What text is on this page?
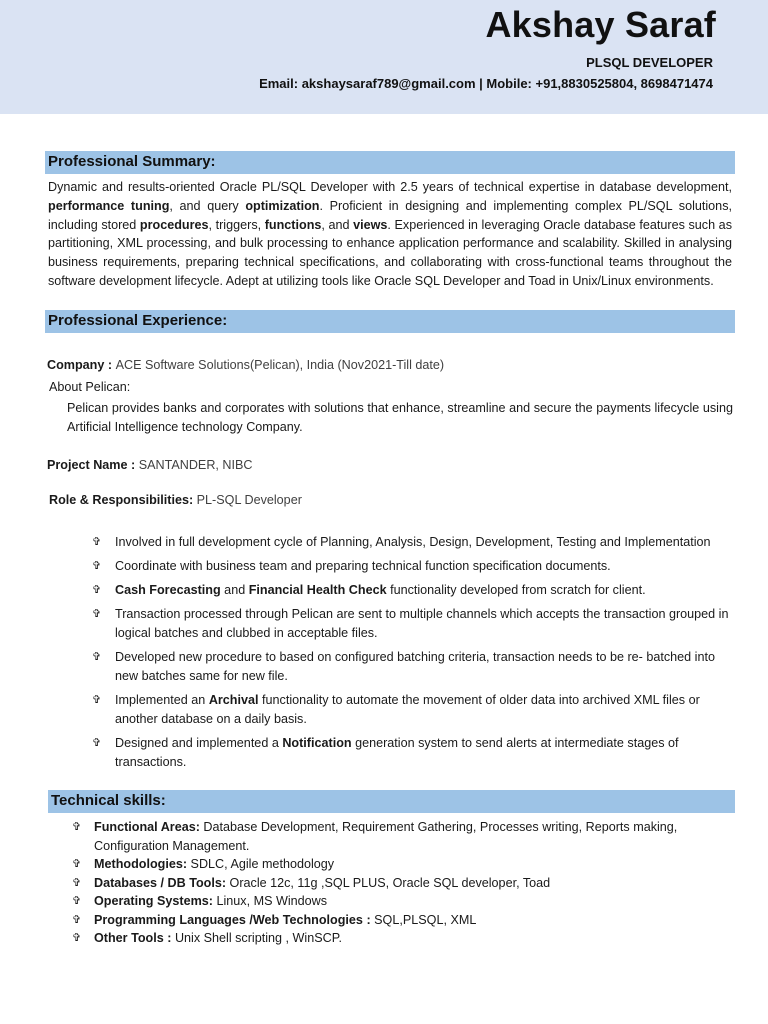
Akshay Saraf
PLSQL DEVELOPER
Email: akshaysaraf789@gmail.com | Mobile: +91,8830525804, 8698471474
Professional Summary:
Dynamic and results-oriented Oracle PL/SQL Developer with 2.5 years of technical expertise in database development, performance tuning, and query optimization. Proficient in designing and implementing complex PL/SQL solutions, including stored procedures, triggers, functions, and views. Experienced in leveraging Oracle database features such as partitioning, XML processing, and bulk processing to enhance application performance and scalability. Skilled in analysing business requirements, preparing technical specifications, and collaborating with cross-functional teams throughout the software development lifecycle. Adept at utilizing tools like Oracle SQL Developer and Toad in Unix/Linux environments.
Professional Experience:
Company : ACE Software Solutions(Pelican), India (Nov2021-Till date)
About Pelican:
Pelican provides banks and corporates with solutions that enhance, streamline and secure the payments lifecycle using Artificial Intelligence technology Company.
Project Name : SANTANDER, NIBC
Role & Responsibilities: PL-SQL Developer
✞ Involved in full development cycle of Planning, Analysis, Design, Development, Testing and Implementation
✞ Coordinate with business team and preparing technical function specification documents.
✞ Cash Forecasting and Financial Health Check functionality developed from scratch for client.
✞ Transaction processed through Pelican are sent to multiple channels which accepts the transaction grouped in logical batches and clubbed in acceptable files.
✞ Developed new procedure to based on configured batching criteria, transaction needs to be re- batched into new batches same for new file.
✞ Implemented an Archival functionality to automate the movement of older data into archived XML files or another database on a daily basis.
✞ Designed and implemented a Notification generation system to send alerts at intermediate stages of transactions.
Technical skills:
✞ Functional Areas: Database Development, Requirement Gathering, Processes writing, Reports making, Configuration Management.
✞ Methodologies: SDLC, Agile methodology
✞ Databases / DB Tools: Oracle 12c, 11g ,SQL PLUS, Oracle SQL developer, Toad
✞ Operating Systems: Linux, MS Windows
✞ Programming Languages /Web Technologies : SQL,PLSQL, XML
✞ Other Tools : Unix Shell scripting , WinSCP.
